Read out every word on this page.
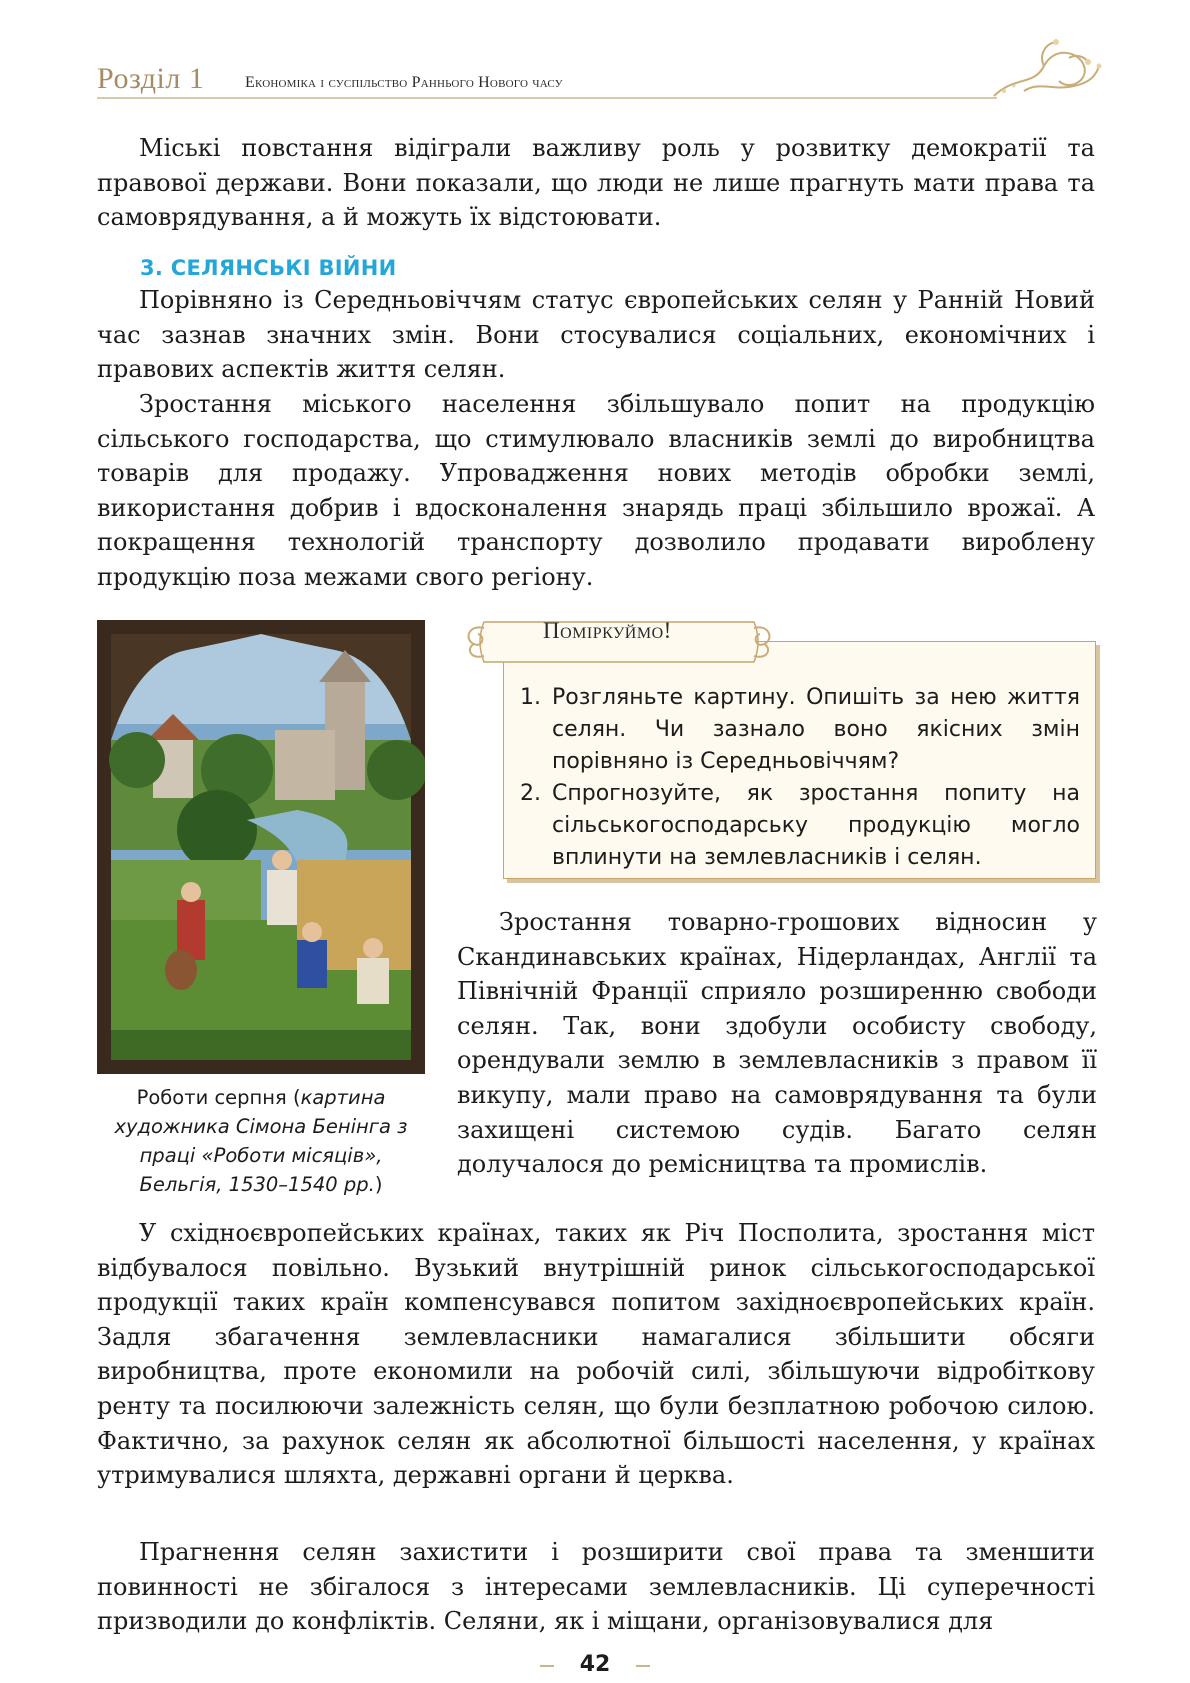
Розділ 1	Економіка і суспільство Раннього Нового часу

Міські повстання відіграли важливу роль у розвитку демократії та правової держави. Вони показали, що люди не лише прагнуть мати права та самоврядування, а й можуть їх відстоювати.

3. СЕЛЯНСЬКІ ВІЙНИ

Порівняно із Середньовіччям статус європейських селян у Ранній Новий час зазнав значних змін. Вони стосувалися соціальних, економічних і правових аспектів життя селян.

Зростання міського населення збільшувало попит на продукцію сільського господарства, що стимулювало власників землі до виробництва товарів для продажу. Упровадження нових методів обробки землі, використання добрив і вдосконалення знарядь праці збільшило врожаї. А покращення технологій транспорту дозволило продавати вироблену продукцію поза межами свого регіону.

Роботи серпня (картина художника Сімона Бенінга з праці «Роботи місяців», Бельгія, 1530–1540 рр.)
Поміркуймо!
1. Розгляньте картину. Опишіть за нею життя селян. Чи зазнало воно якісних змін порівняно із Середньовіччям?
2. Спрогнозуйте, як зростання попиту на сільськогосподарську продукцію могло вплинути на землевласників і селян.

Зростання товарно-грошових відносин у Скандинавських країнах, Нідерландах, Англії та Північній Франції сприяло розширенню свободи селян. Так, вони здобули особисту свободу, орендували землю в землевласників з правом її викупу, мали право на самоврядування та були захищені системою судів. Багато селян долучалося до ремісництва та промислів.

У східноєвропейських країнах, таких як Річ Посполита, зростання міст відбувалося повільно. Вузький внутрішній ринок сільськогосподарської продукції таких країн компенсувався попитом західноєвропейських країн. Задля збагачення землевласники намагалися збільшити обсяги виробництва, проте економили на робочій силі, збільшуючи відробіткову ренту та посилюючи залежність селян, що були безплатною робочою силою. Фактично, за рахунок селян як абсолютної більшості населення, у країнах утримувалися шляхта, державні органи й церква.

Прагнення селян захистити і розширити свої права та зменшити повинності не збігалося з інтересами землевласників. Ці суперечності призводили до конфліктів. Селяни, як і міщани, організовувалися для

42
